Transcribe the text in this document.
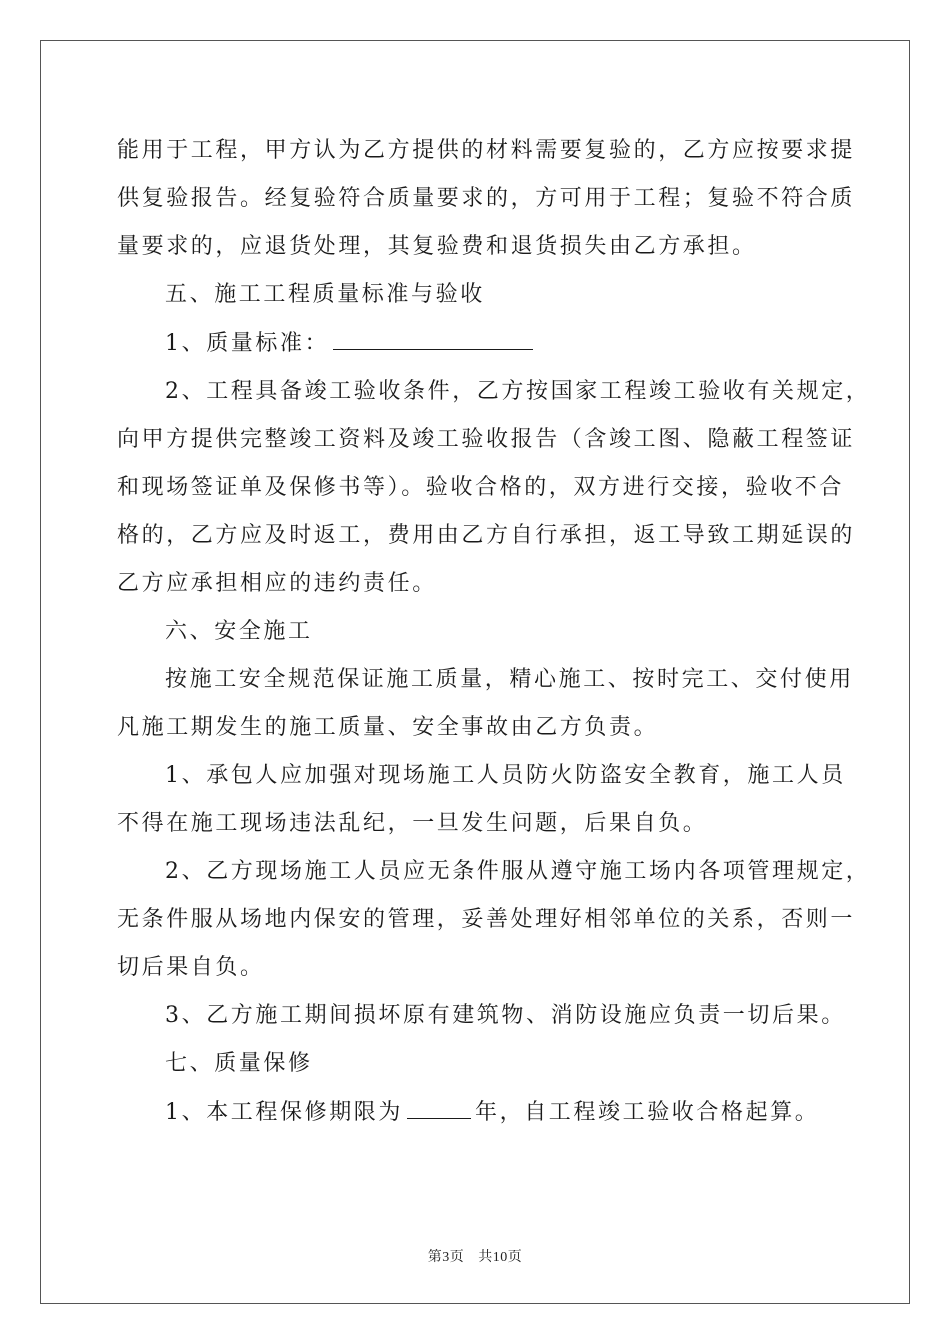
能用于工程，甲方认为乙方提供的材料需要复验的，乙方应按要求提

供复验报告。经复验符合质量要求的，方可用于工程；复验不符合质

量要求的，应退货处理，其复验费和退货损失由乙方承担。

五、施工工程质量标准与验收

1、质量标准：

2、工程具备竣工验收条件，乙方按国家工程竣工验收有关规定，

向甲方提供完整竣工资料及竣工验收报告（含竣工图、隐蔽工程签证

和现场签证单及保修书等）。验收合格的，双方进行交接，验收不合

格的，乙方应及时返工，费用由乙方自行承担，返工导致工期延误的

乙方应承担相应的违约责任。

六、安全施工

按施工安全规范保证施工质量，精心施工、按时完工、交付使用

凡施工期发生的施工质量、安全事故由乙方负责。

1、承包人应加强对现场施工人员防火防盗安全教育，施工人员

不得在施工现场违法乱纪，一旦发生问题，后果自负。

2、乙方现场施工人员应无条件服从遵守施工场内各项管理规定，

无条件服从场地内保安的管理，妥善处理好相邻单位的关系，否则一

切后果自负。

3、乙方施工期间损坏原有建筑物、消防设施应负责一切后果。

七、质量保修

1、本工程保修期限为	年，自工程竣工验收合格起算。

第3页 共10页
